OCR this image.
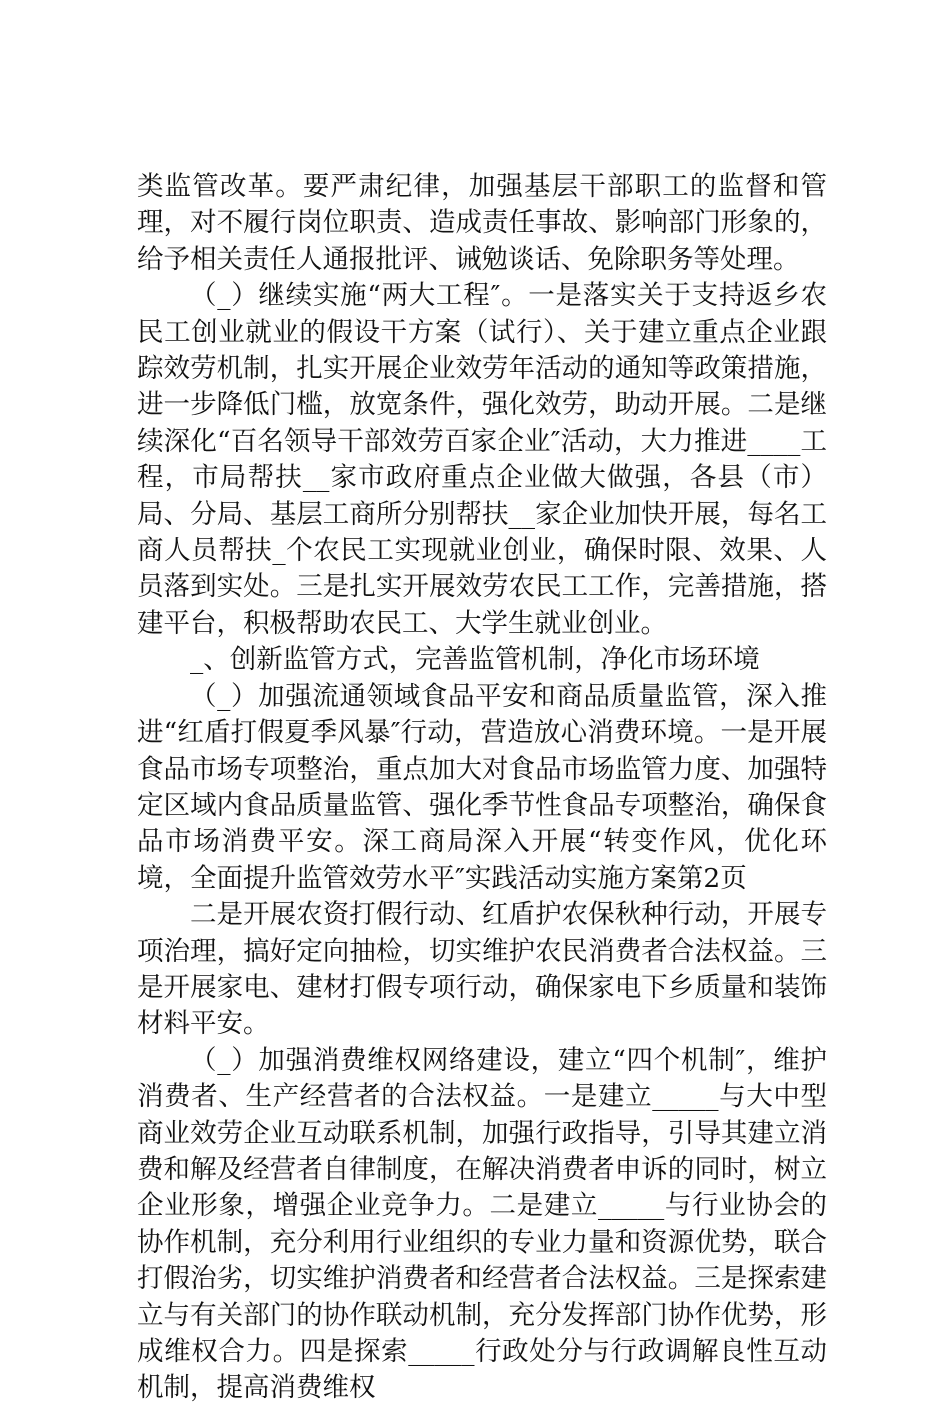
类监管改革。要严肃纪律，加强基层干部职工的监督和管理，对不履行岗位职责、造成责任事故、影响部门形象的，给予相关责任人通报批评、诫勉谈话、免除职务等处理。

（_）继续实施“两大工程″。一是落实关于支持返乡农民工创业就业的假设干方案（试行）、关于建立重点企业跟踪效劳机制，扎实开展企业效劳年活动的通知等政策措施，进一步降低门槛，放宽条件，强化效劳，助动开展。二是继续深化“百名领导干部效劳百家企业″活动，大力推进____工程，市局帮扶__家市政府重点企业做大做强，各县（市）局、分局、基层工商所分别帮扶__家企业加快开展，每名工商人员帮扶_个农民工实现就业创业，确保时限、效果、人员落到实处。三是扎实开展效劳农民工工作，完善措施，搭建平台，积极帮助农民工、大学生就业创业。

_、创新监管方式，完善监管机制，净化市场环境

（_）加强流通领域食品平安和商品质量监管，深入推进“红盾打假夏季风暴″行动，营造放心消费环境。一是开展食品市场专项整治，重点加大对食品市场监管力度、加强特定区域内食品质量监管、强化季节性食品专项整治，确保食品市场消费平安。深工商局深入开展“转变作风，优化环境，全面提升监管效劳水平″实践活动实施方案第2页

二是开展农资打假行动、红盾护农保秋种行动，开展专项治理，搞好定向抽检，切实维护农民消费者合法权益。三是开展家电、建材打假专项行动，确保家电下乡质量和装饰材料平安。

（_）加强消费维权网络建设，建立“四个机制″，维护消费者、生产经营者的合法权益。一是建立_____与大中型商业效劳企业互动联系机制，加强行政指导，引导其建立消费和解及经营者自律制度，在解决消费者申诉的同时，树立企业形象，增强企业竞争力。二是建立_____与行业协会的协作机制，充分利用行业组织的专业力量和资源优势，联合打假治劣，切实维护消费者和经营者合法权益。三是探索建立与有关部门的协作联动机制，充分发挥部门协作优势，形成维权合力。四是探索_____行政处分与行政调解良性互动机制，提高消费维权
